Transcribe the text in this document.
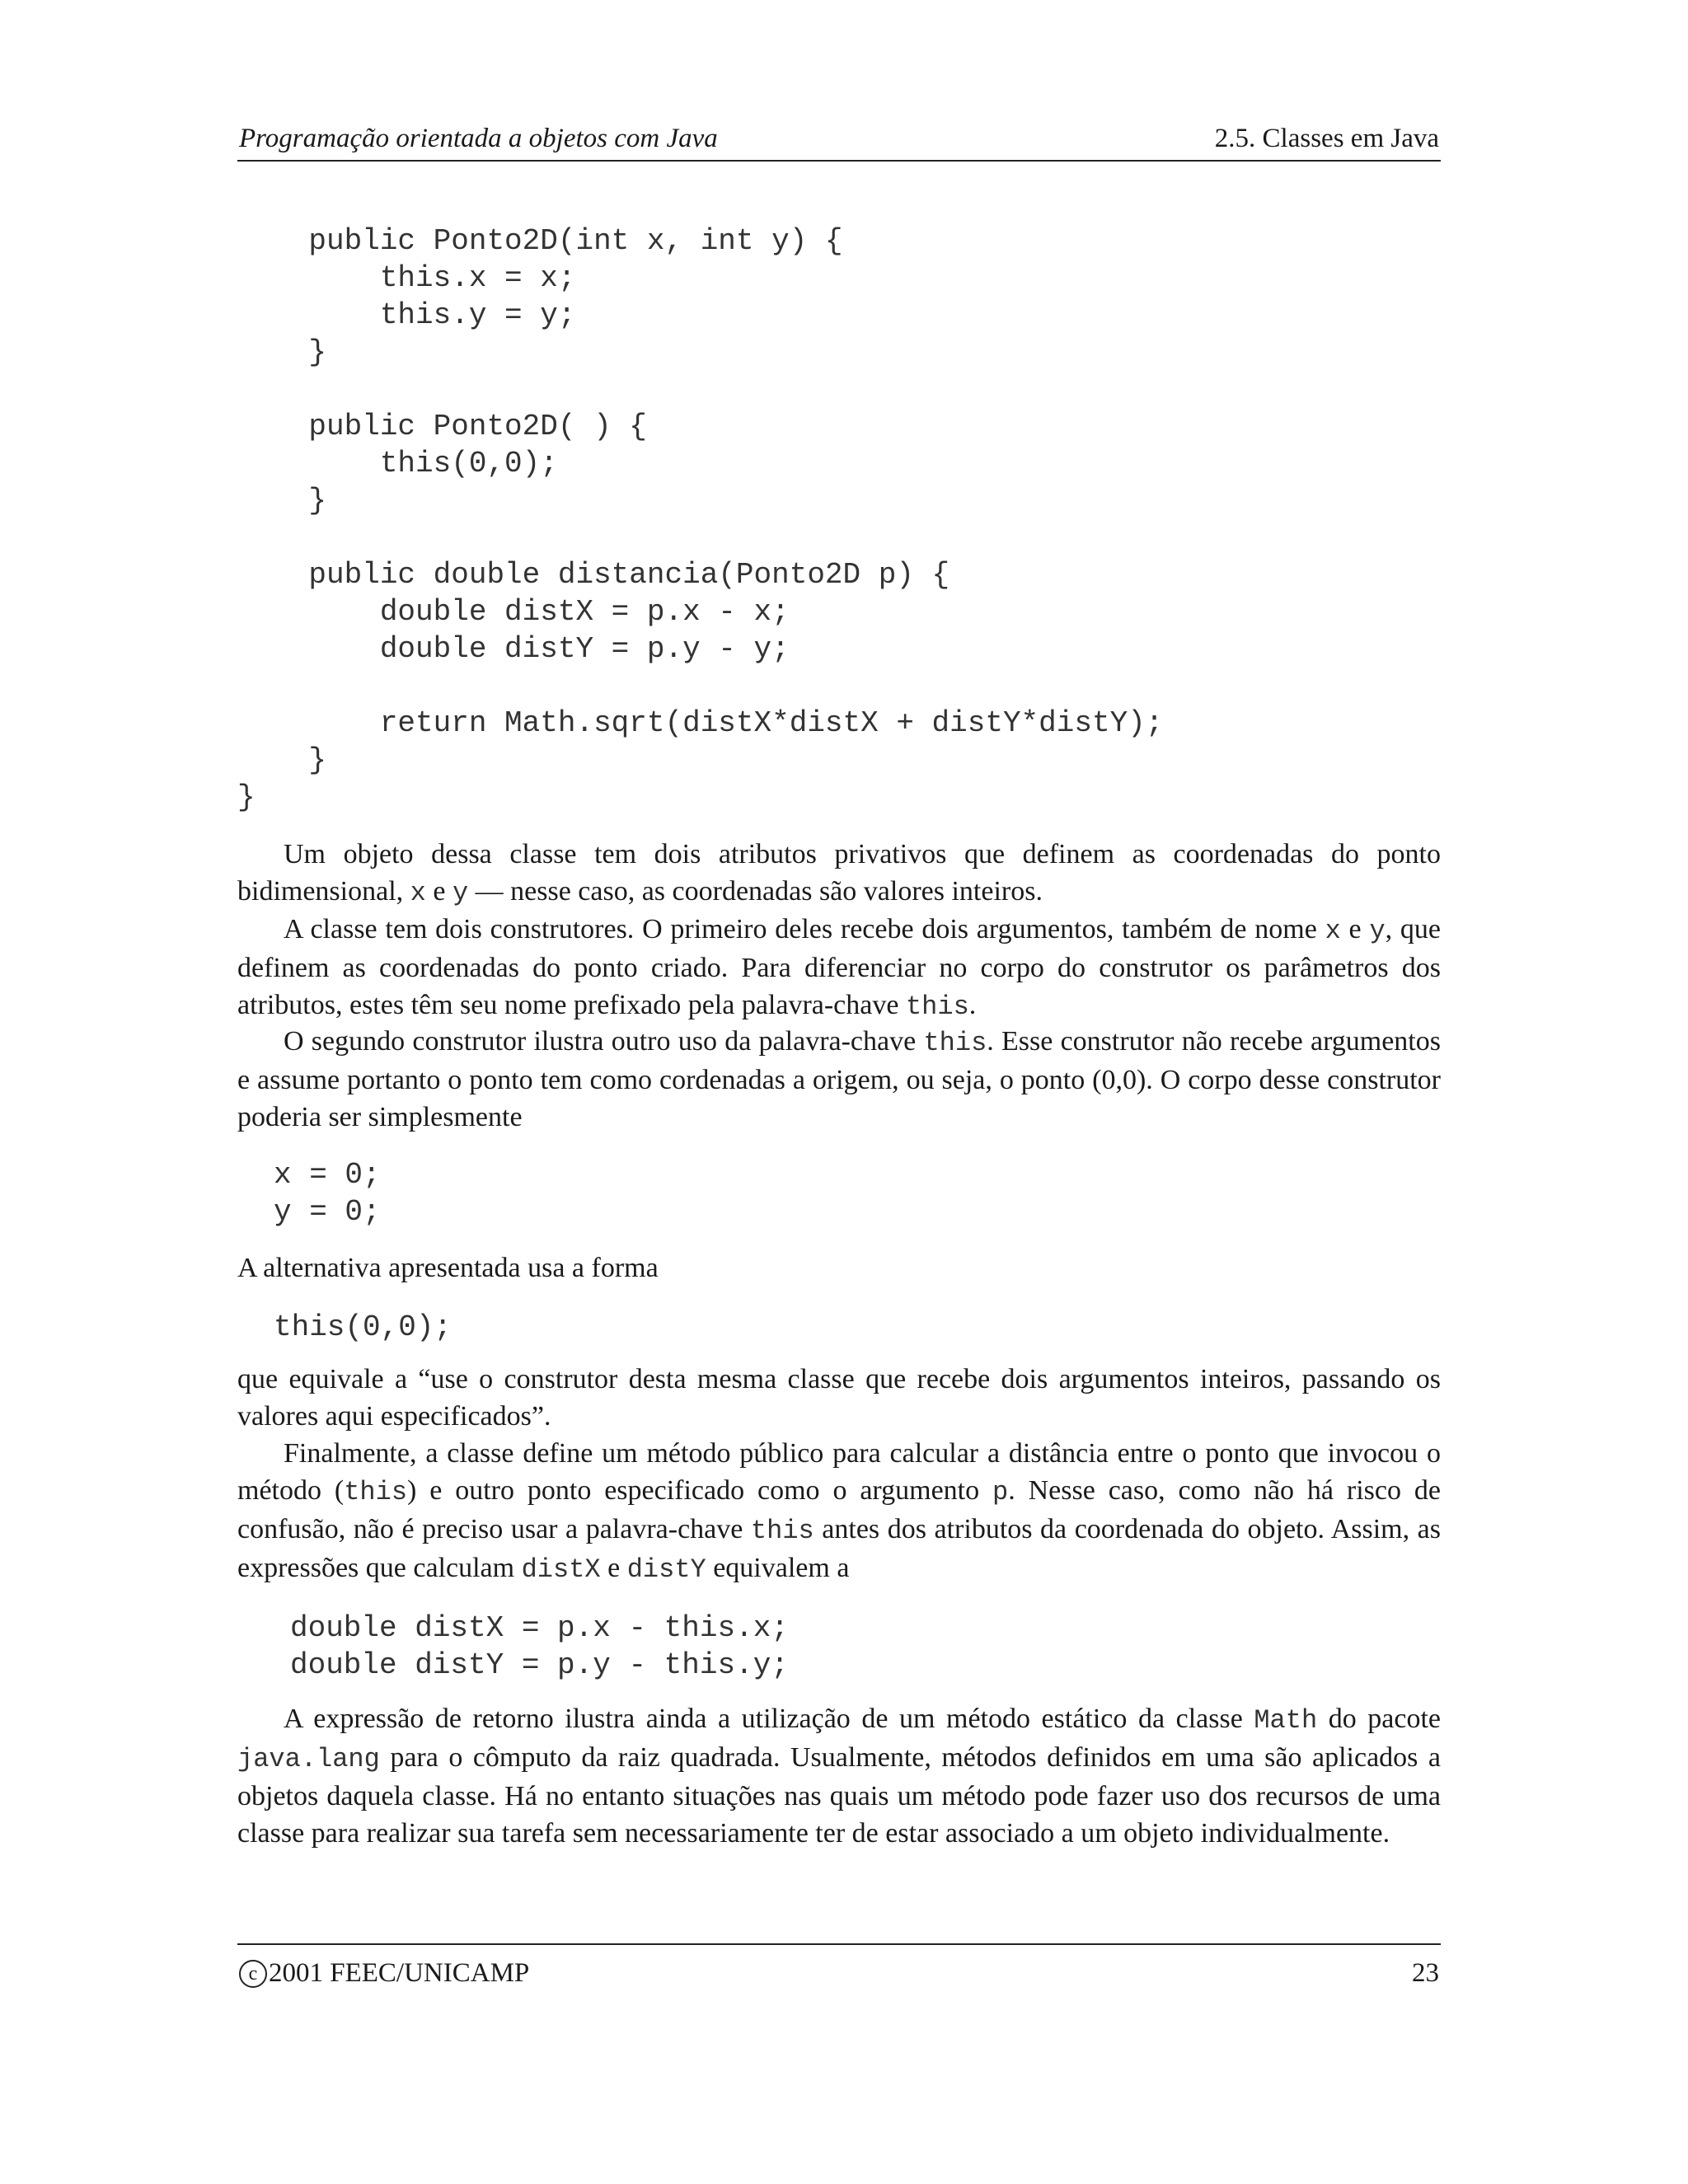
Programação orientada a objetos com Java	2.5. Classes em Java
public Ponto2D(int x, int y) {
this.x = x;
this.y = y;
}

public Ponto2D( ) {
this(0,0);
}

public double distancia(Ponto2D p) {
double distX = p.x - x;
double distY = p.y - y;

return Math.sqrt(distX*distX + distY*distY);
}
}

Um objeto dessa classe tem dois atributos privativos que definem as coordenadas do ponto bidimensional, x e y — nesse caso, as coordenadas são valores inteiros.

A classe tem dois construtores. O primeiro deles recebe dois argumentos, também de nome x e y, que definem as coordenadas do ponto criado. Para diferenciar no corpo do construtor os parâmetros dos atributos, estes têm seu nome prefixado pela palavra-chave this.

O segundo construtor ilustra outro uso da palavra-chave this. Esse construtor não recebe argumentos e assume portanto o ponto tem como cordenadas a origem, ou seja, o ponto (0,0). O corpo desse construtor poderia ser simplesmente

x = 0;
y = 0;

A alternativa apresentada usa a forma

this(0,0);

que equivale a “use o construtor desta mesma classe que recebe dois argumentos inteiros, passando os valores aqui especificados”.

Finalmente, a classe define um método público para calcular a distância entre o ponto que invocou o método (this) e outro ponto especificado como o argumento p. Nesse caso, como não há risco de confusão, não é preciso usar a palavra-chave this antes dos atributos da coordenada do objeto. Assim, as expressões que calculam distX e distY equivalem a

double distX = p.x - this.x;
double distY = p.y - this.y;

A expressão de retorno ilustra ainda a utilização de um método estático da classe Math do pacote java.lang para o cômputo da raiz quadrada. Usualmente, métodos definidos em uma são aplicados a objetos daquela classe. Há no entanto situações nas quais um método pode fazer uso dos recursos de uma classe para realizar sua tarefa sem necessariamente ter de estar associado a um objeto individualmente.

c 2001 FEEC/UNICAMP	23
